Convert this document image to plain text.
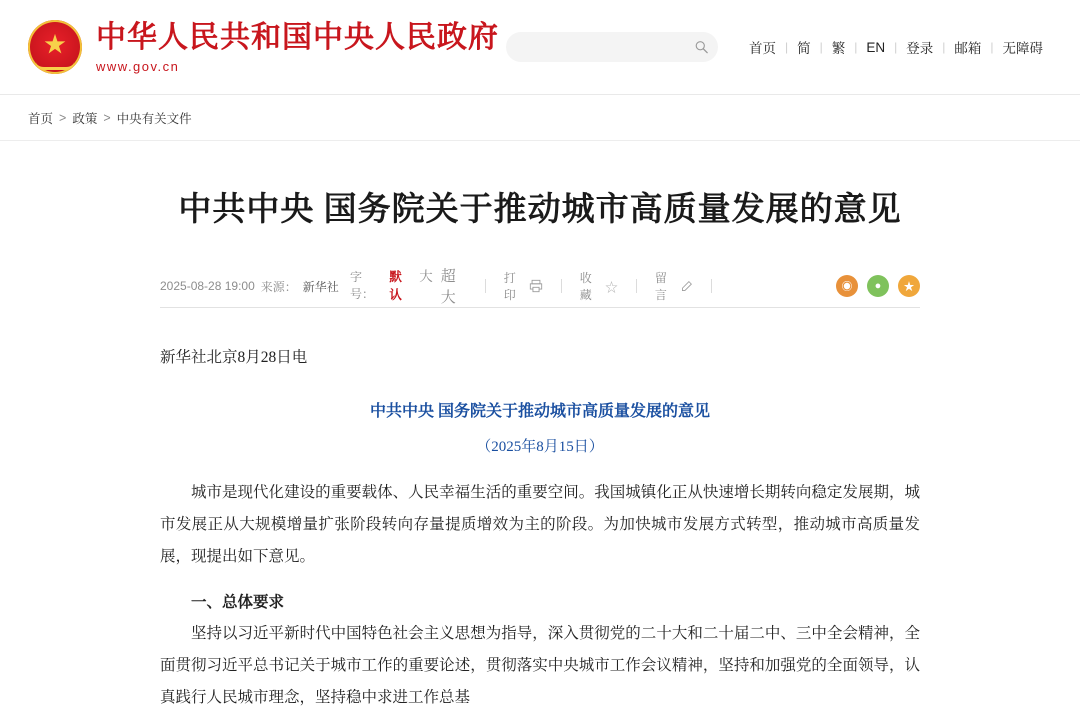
★ 中华人民共和国中央人民政府
www.gov.cn
首页 | 简 | 繁 | EN | 登录 | 邮箱 | 无障碍
首页 > 政策 > 中央有关文件
中共中央 国务院关于推动城市高质量发展的意见
2025-08-28 19:00 来源： 新华社
字号：
默认
大 超大
打印
收藏
☆
留言
◉	●	★

新华社北京8月28日电

中共中央 国务院关于推动城市高质量发展的意见

（2025年8月15日）

城市是现代化建设的重要载体、人民幸福生活的重要空间。我国城镇化正从快速增长期转向稳定发展期，城市发展正从大规模增量扩张阶段转向存量提质增效为主的阶段。为加快城市发展方式转型，推动城市高质量发展，现提出如下意见。

一、总体要求

坚持以习近平新时代中国特色社会主义思想为指导，深入贯彻党的二十大和二十届二中、三中全会精神，全面贯彻习近平总书记关于城市工作的重要论述，贯彻落实中央城市工作会议精神，坚持和加强党的全面领导，认真践行人民城市理念，坚持稳中求进工作总基
